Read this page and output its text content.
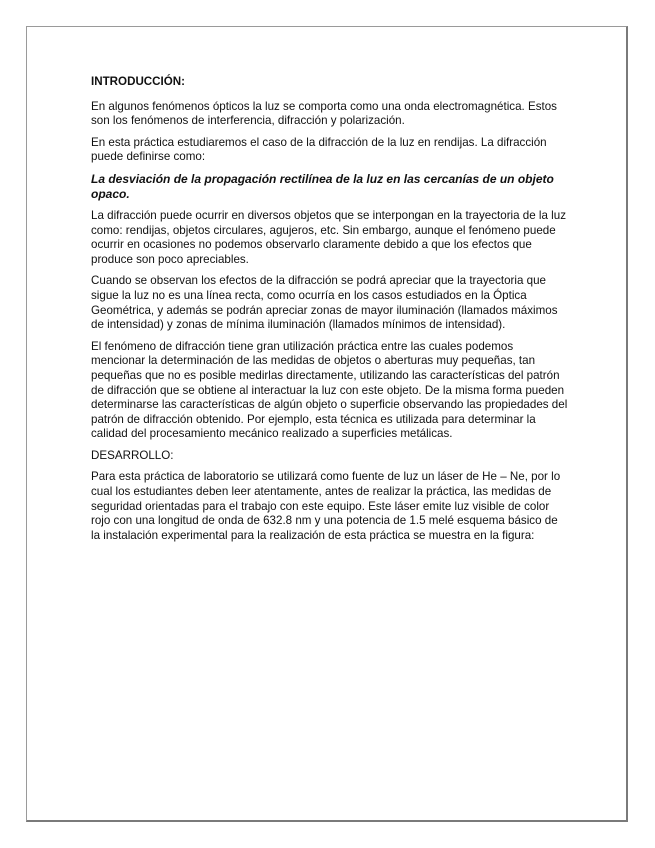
INTRODUCCIÓN:

En algunos fenómenos ópticos la luz se comporta como una onda electromagnética. Estos son los fenómenos de interferencia, difracción y polarización.

En esta práctica estudiaremos el caso de la difracción de la luz en rendijas. La difracción puede definirse como:

La desviación de la propagación rectilínea de la luz en las cercanías de un objeto opaco.

La difracción puede ocurrir en diversos objetos que se interpongan en la trayectoria de la luz como: rendijas, objetos circulares, agujeros, etc. Sin embargo, aunque el fenómeno puede ocurrir en ocasiones no podemos observarlo claramente debido a que los efectos que produce son poco apreciables.

Cuando se observan los efectos de la difracción se podrá apreciar que la trayectoria que sigue la luz no es una línea recta, como ocurría en los casos estudiados en la Óptica Geométrica, y además se podrán apreciar zonas de mayor iluminación (llamados máximos de intensidad) y zonas de mínima iluminación (llamados mínimos de intensidad).

El fenómeno de difracción tiene gran utilización práctica entre las cuales podemos mencionar la determinación de las medidas de objetos o aberturas muy pequeñas, tan pequeñas que no es posible medirlas directamente, utilizando las características del patrón de difracción que se obtiene al interactuar la luz con este objeto. De la misma forma pueden determinarse las características de algún objeto o superficie observando las propiedades del patrón de difracción obtenido. Por ejemplo, esta técnica es utilizada para determinar la calidad del procesamiento mecánico realizado a superficies metálicas.

DESARROLLO:

Para esta práctica de laboratorio se utilizará como fuente de luz un láser de He – Ne, por lo cual los estudiantes deben leer atentamente, antes de realizar la práctica, las medidas de seguridad orientadas para el trabajo con este equipo. Este láser emite luz visible de color rojo con una longitud de onda de 632.8 nm y una potencia de 1.5 melé esquema básico de la instalación experimental para la realización de esta práctica se muestra en la figura:
